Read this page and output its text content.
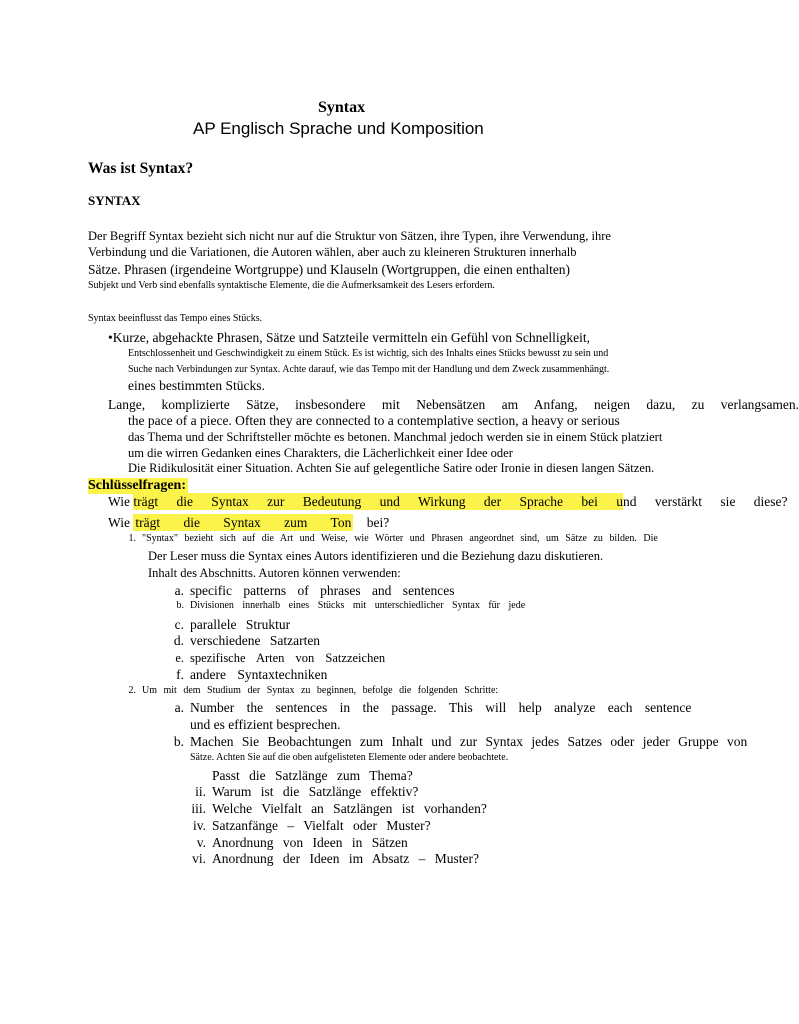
Syntax
AP Englisch Sprache und Komposition
Was ist Syntax?
SYNTAX
Der Begriff Syntax bezieht sich nicht nur auf die Struktur von Sätzen, ihre Typen, ihre Verwendung, ihre
Verbindung und die Variationen, die Autoren wählen, aber auch zu kleineren Strukturen innerhalb
Sätze. Phrasen (irgendeine Wortgruppe) und Klauseln (Wortgruppen, die einen enthalten)
Subjekt und Verb sind ebenfalls syntaktische Elemente, die die Aufmerksamkeit des Lesers erfordern.
Syntax beeinflusst das Tempo eines Stücks.
•Kurze, abgehackte Phrasen, Sätze und Satzteile vermitteln ein Gefühl von Schnelligkeit,
Entschlossenheit und Geschwindigkeit zu einem Stück. Es ist wichtig, sich des Inhalts eines Stücks bewusst zu sein und
Suche nach Verbindungen zur Syntax. Achte darauf, wie das Tempo mit der Handlung und dem Zweck zusammenhängt.
eines bestimmten Stücks.
Lange, komplizierte Sätze, insbesondere mit Nebensätzen am Anfang, neigen dazu, zu verlangsamen.
the pace of a piece. Often they are connected to a contemplative section, a heavy or serious
das Thema und der Schriftsteller möchte es betonen. Manchmal jedoch werden sie in einem Stück platziert
um die wirren Gedanken eines Charakters, die Lächerlichkeit einer Idee oder
Die Ridikulosität einer Situation. Achten Sie auf gelegentliche Satire oder Ironie in diesen langen Sätzen.
Schlüsselfragen:
Wie trägt die Syntax zur Bedeutung und Wirkung der Sprache bei und verstärkt sie diese?
Wie trägt die Syntax zum Ton bei?
1. "Syntax" bezieht sich auf die Art und Weise, wie Wörter und Phrasen angeordnet sind, um Sätze zu bilden. Die
Der Leser muss die Syntax eines Autors identifizieren und die Beziehung dazu diskutieren.
Inhalt des Abschnitts. Autoren können verwenden:
a. specific patterns of phrases and sentences
b. Divisionen innerhalb eines Stücks mit unterschiedlicher Syntax für jede
c. parallele Struktur
d. verschiedene Satzarten
e. spezifische Arten von Satzzeichen
f. andere Syntaxtechniken
2. Um mit dem Studium der Syntax zu beginnen, befolge die folgenden Schritte:
a. Number the sentences in the passage. This will help analyze each sentence
und es effizient besprechen.
b. Machen Sie Beobachtungen zum Inhalt und zur Syntax jedes Satzes oder jeder Gruppe von
Sätze. Achten Sie auf die oben aufgelisteten Elemente oder andere beobachtete.
Passt die Satzlänge zum Thema?
ii. Warum ist die Satzlänge effektiv?
iii. Welche Vielfalt an Satzlängen ist vorhanden?
iv. Satzanfänge – Vielfalt oder Muster?
v. Anordnung von Ideen in Sätzen
vi. Anordnung der Ideen im Absatz – Muster?
